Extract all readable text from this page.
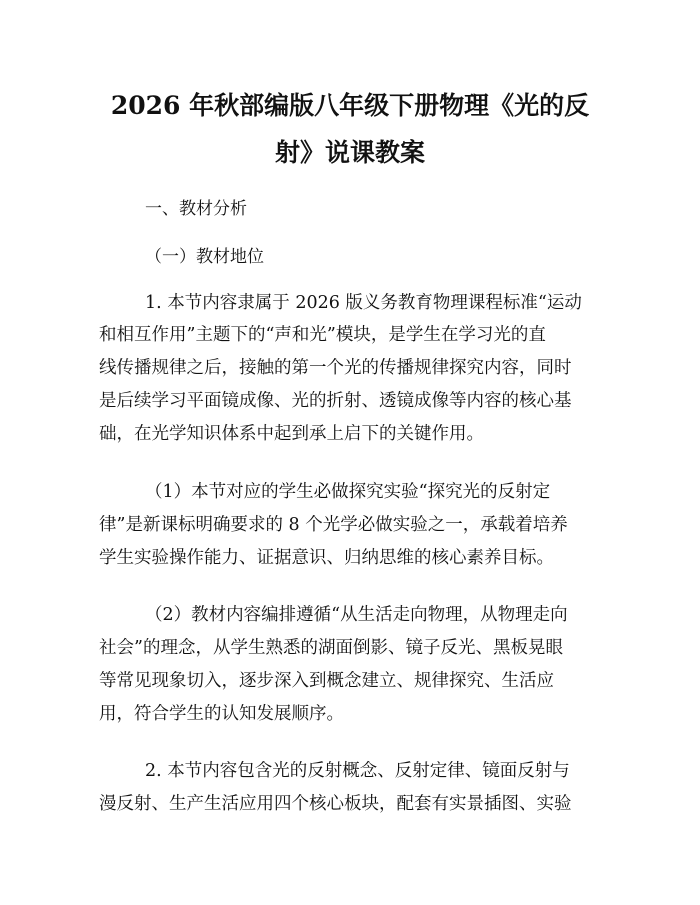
2026 年秋部编版八年级下册物理《光的反
射》说课教案

一、教材分析

（一）教材地位

1. 本节内容隶属于 2026 版义务教育物理课程标准“运动

和相互作用”主题下的“声和光”模块，是学生在学习光的直

线传播规律之后，接触的第一个光的传播规律探究内容，同时

是后续学习平面镜成像、光的折射、透镜成像等内容的核心基

础，在光学知识体系中起到承上启下的关键作用。

（1）本节对应的学生必做探究实验“探究光的反射定

律”是新课标明确要求的 8 个光学必做实验之一，承载着培养

学生实验操作能力、证据意识、归纳思维的核心素养目标。

（2）教材内容编排遵循“从生活走向物理，从物理走向

社会”的理念，从学生熟悉的湖面倒影、镜子反光、黑板晃眼

等常见现象切入，逐步深入到概念建立、规律探究、生活应

用，符合学生的认知发展顺序。

2. 本节内容包含光的反射概念、反射定律、镜面反射与

漫反射、生产生活应用四个核心板块，配套有实景插图、实验
